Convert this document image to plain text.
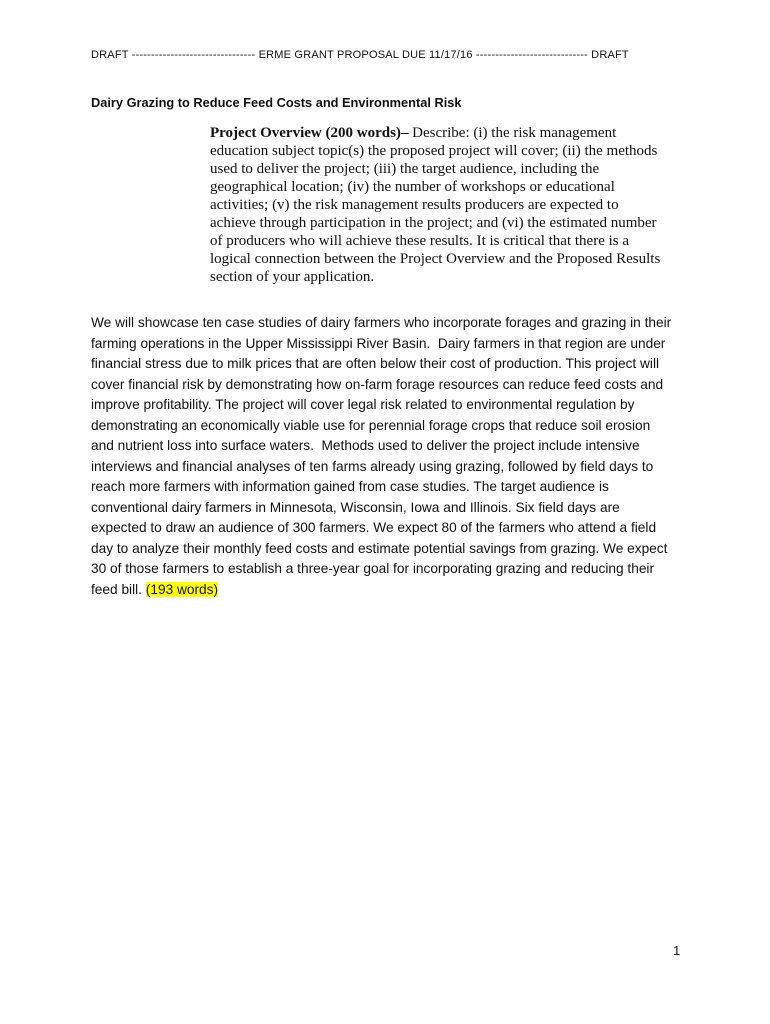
DRAFT -------------------------------- ERME GRANT PROPOSAL DUE 11/17/16 ----------------------------- DRAFT
Dairy Grazing to Reduce Feed Costs and Environmental Risk
Project Overview (200 words)– Describe: (i) the risk management
education subject topic(s) the proposed project will cover; (ii) the methods
used to deliver the project; (iii) the target audience, including the
geographical location; (iv) the number of workshops or educational
activities; (v) the risk management results producers are expected to
achieve through participation in the project; and (vi) the estimated number
of producers who will achieve these results. It is critical that there is a
logical connection between the Project Overview and the Proposed Results
section of your application.
We will showcase ten case studies of dairy farmers who incorporate forages and grazing in their
farming operations in the Upper Mississippi River Basin.  Dairy farmers in that region are under
financial stress due to milk prices that are often below their cost of production. This project will
cover financial risk by demonstrating how on-farm forage resources can reduce feed costs and
improve profitability. The project will cover legal risk related to environmental regulation by
demonstrating an economically viable use for perennial forage crops that reduce soil erosion
and nutrient loss into surface waters.  Methods used to deliver the project include intensive
interviews and financial analyses of ten farms already using grazing, followed by field days to
reach more farmers with information gained from case studies. The target audience is
conventional dairy farmers in Minnesota, Wisconsin, Iowa and Illinois. Six field days are
expected to draw an audience of 300 farmers. We expect 80 of the farmers who attend a field
day to analyze their monthly feed costs and estimate potential savings from grazing. We expect
30 of those farmers to establish a three-year goal for incorporating grazing and reducing their
feed bill. (193 words)
1
